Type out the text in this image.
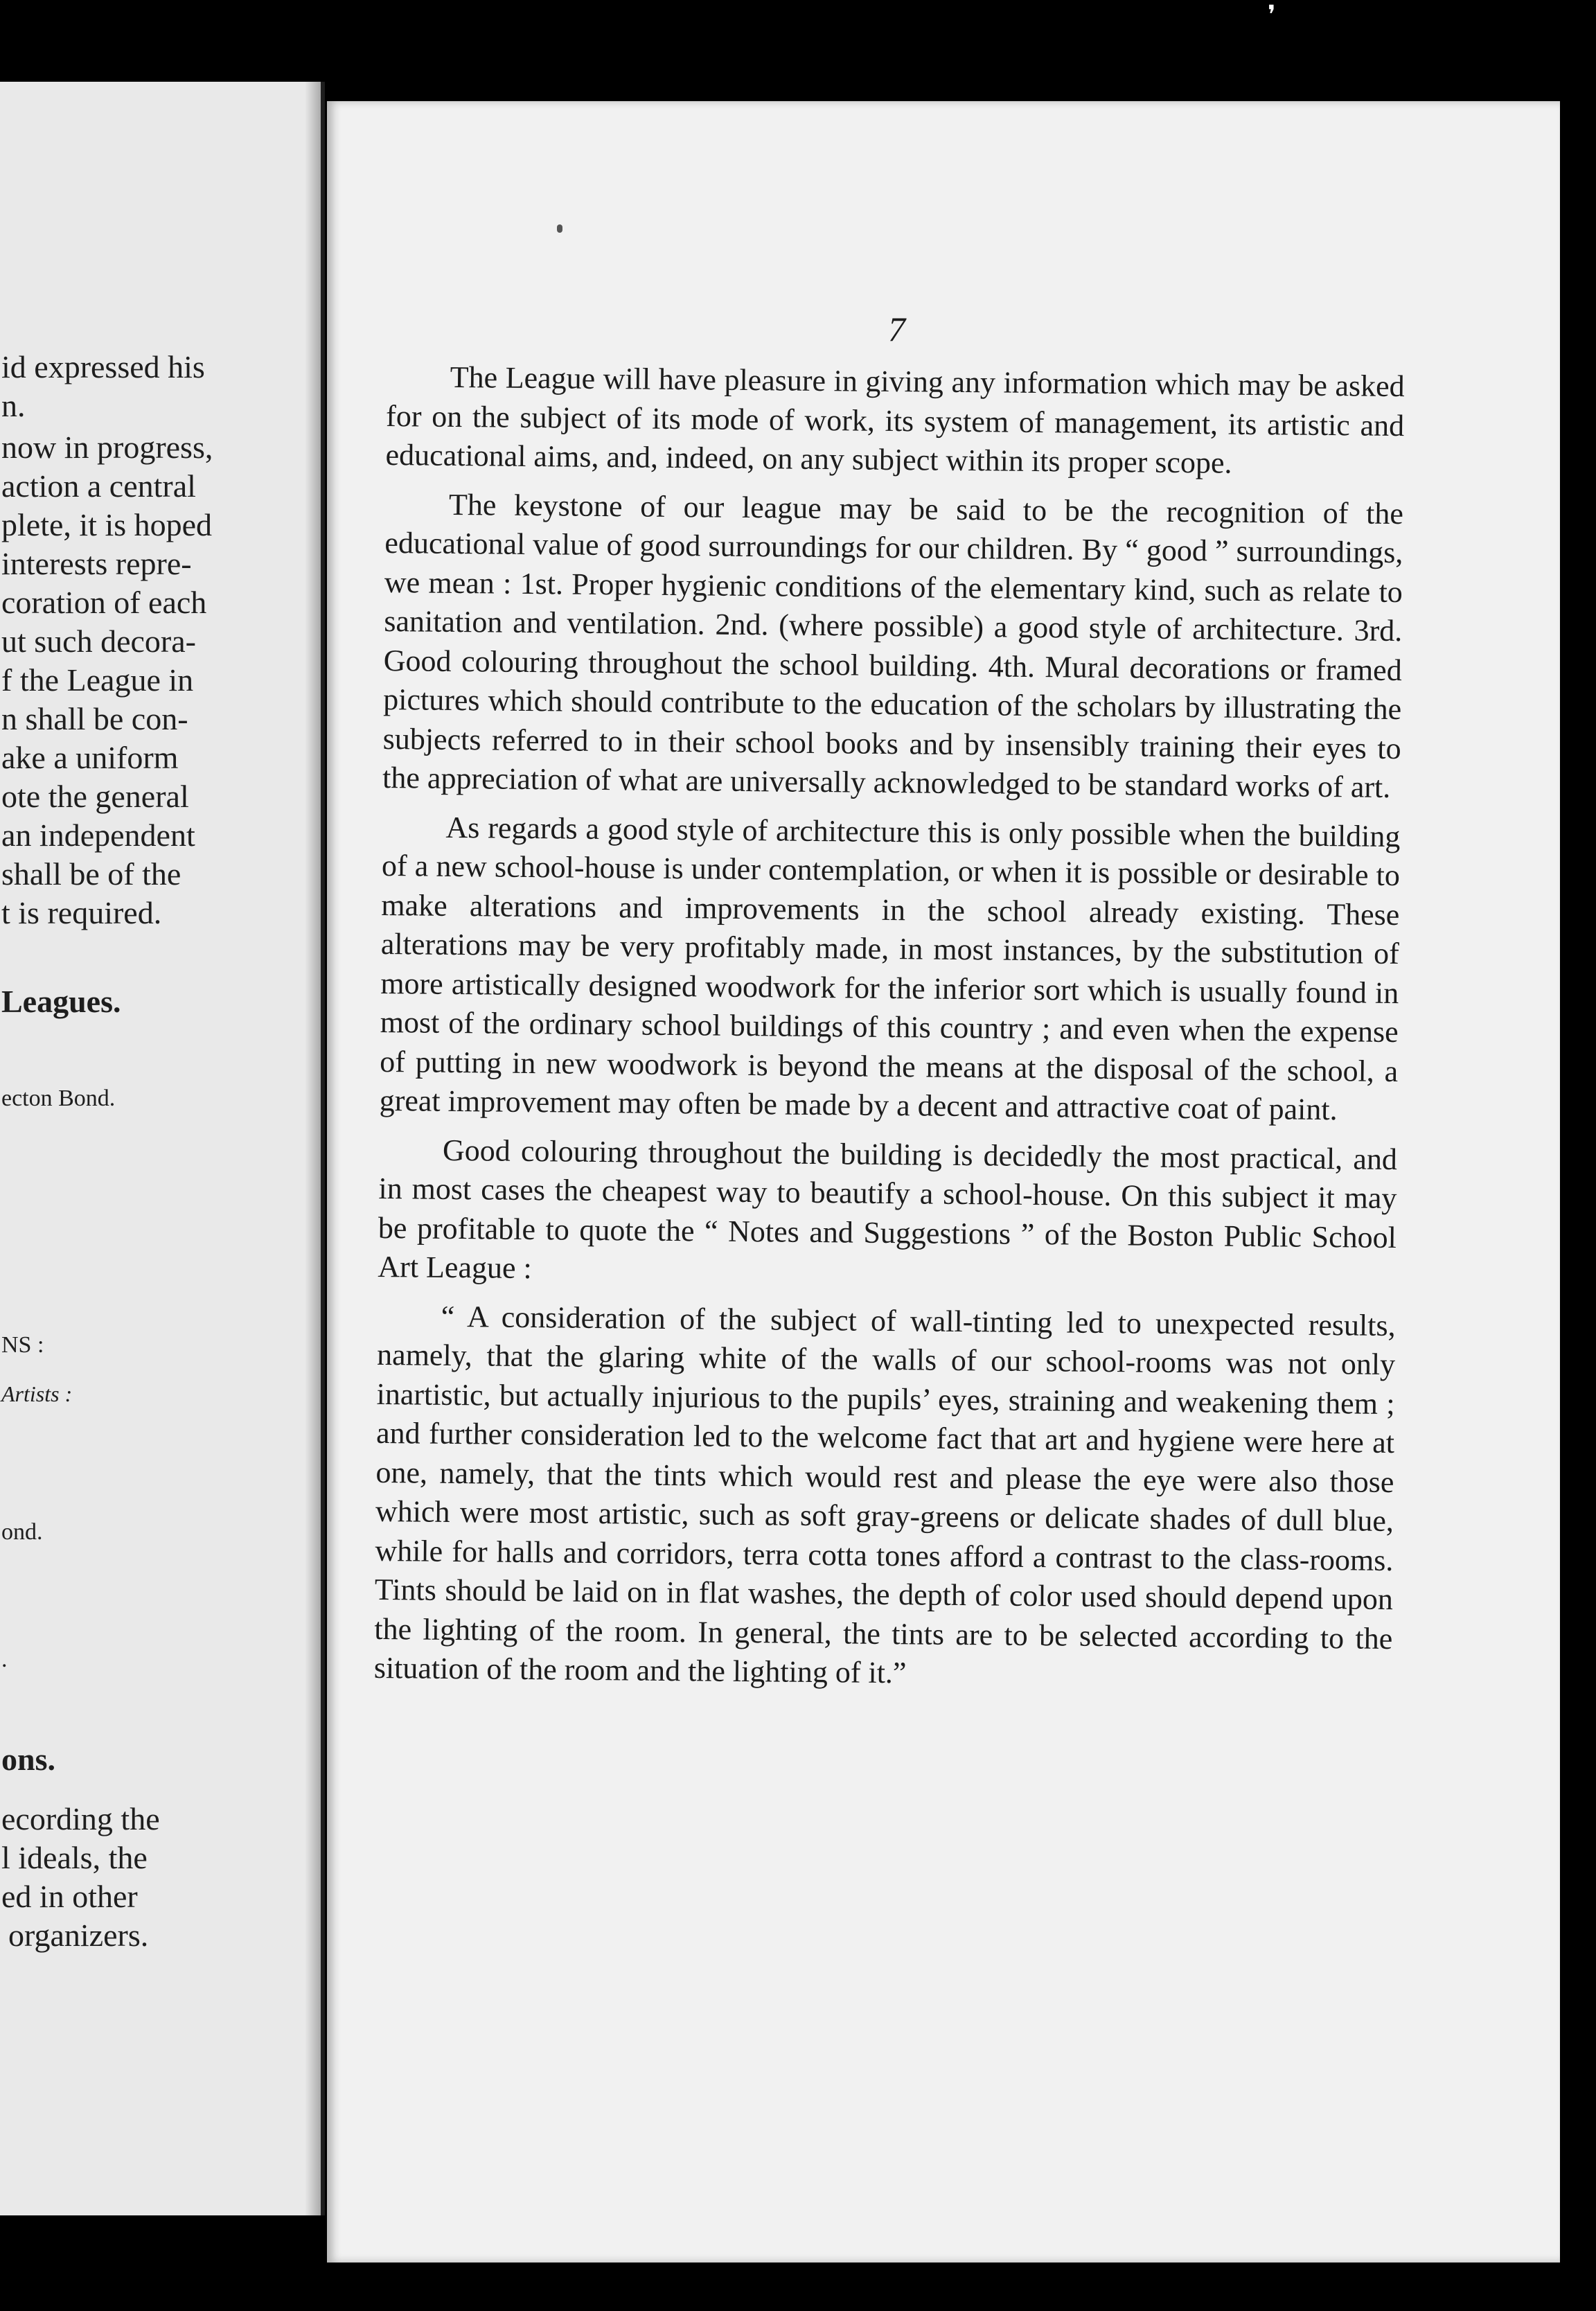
id expressed his
n.
now in progress,
action a central
plete, it is hoped
interests repre-
coration of each
ut such decora-
f the League in
n shall be con-
ake a uniform
ote the general
an independent
shall be of the
t is required.
Leagues.
ecton Bond.
NS :
Artists :
ond.
.
ons.
ecording the
l ideals, the
ed in other
organizers.
7

The League will have pleasure in giving any information which may be asked for on the subject of its mode of work, its system of management, its artistic and educational aims, and, indeed, on any subject within its proper scope.

The keystone of our league may be said to be the recognition of the educational value of good surroundings for our children. By “ good ” surroundings, we mean : 1st. Proper hygienic conditions of the elementary kind, such as relate to sanitation and ventilation. 2nd. (where possible) a good style of architecture. 3rd. Good colouring throughout the school building. 4th. Mural decorations or framed pictures which should contribute to the education of the scholars by illustrating the subjects referred to in their school books and by insensibly training their eyes to the appreciation of what are universally acknowledged to be standard works of art.

As regards a good style of architecture this is only possible when the building of a new school-house is under contemplation, or when it is possible or desirable to make alterations and improvements in the school already existing. These alterations may be very profitably made, in most instances, by the substitution of more artistically designed woodwork for the inferior sort which is usually found in most of the ordinary school buildings of this country ; and even when the expense of putting in new woodwork is beyond the means at the disposal of the school, a great improvement may often be made by a decent and attractive coat of paint.

Good colouring throughout the building is decidedly the most practical, and in most cases the cheapest way to beautify a school-house. On this subject it may be profitable to quote the “ Notes and Suggestions ” of the Boston Public School Art League :

“ A consideration of the subject of wall-tinting led to unexpected results, namely, that the glaring white of the walls of our school-rooms was not only inartistic, but actually injurious to the pupils’ eyes, straining and weakening them ; and further consideration led to the welcome fact that art and hygiene were here at one, namely, that the tints which would rest and please the eye were also those which were most artistic, such as soft gray-greens or delicate shades of dull blue, while for halls and corridors, terra cotta tones afford a contrast to the class-rooms. Tints should be laid on in flat washes, the depth of color used should depend upon the lighting of the room. In general, the tints are to be selected according to the situation of the room and the lighting of it.”

❜
